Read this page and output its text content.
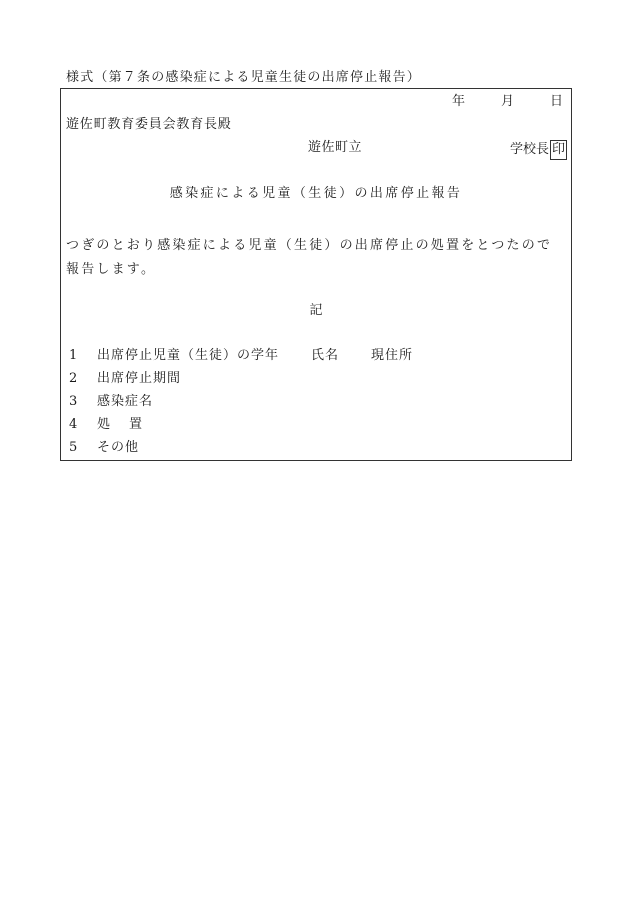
様式（第７条の感染症による児童生徒の出席停止報告）
年	月	日
遊佐町教育委員会教育長殿
遊佐町立	学校長 印
感染症による児童（生徒）の出席停止報告
つぎのとおり感染症による児童（生徒）の出席停止の処置をとつたので報告します。
記
1 出席停止児童（生徒）の学年 氏名 現住所
2 出席停止期間
3 感染症名
4 処 置
5 その他
